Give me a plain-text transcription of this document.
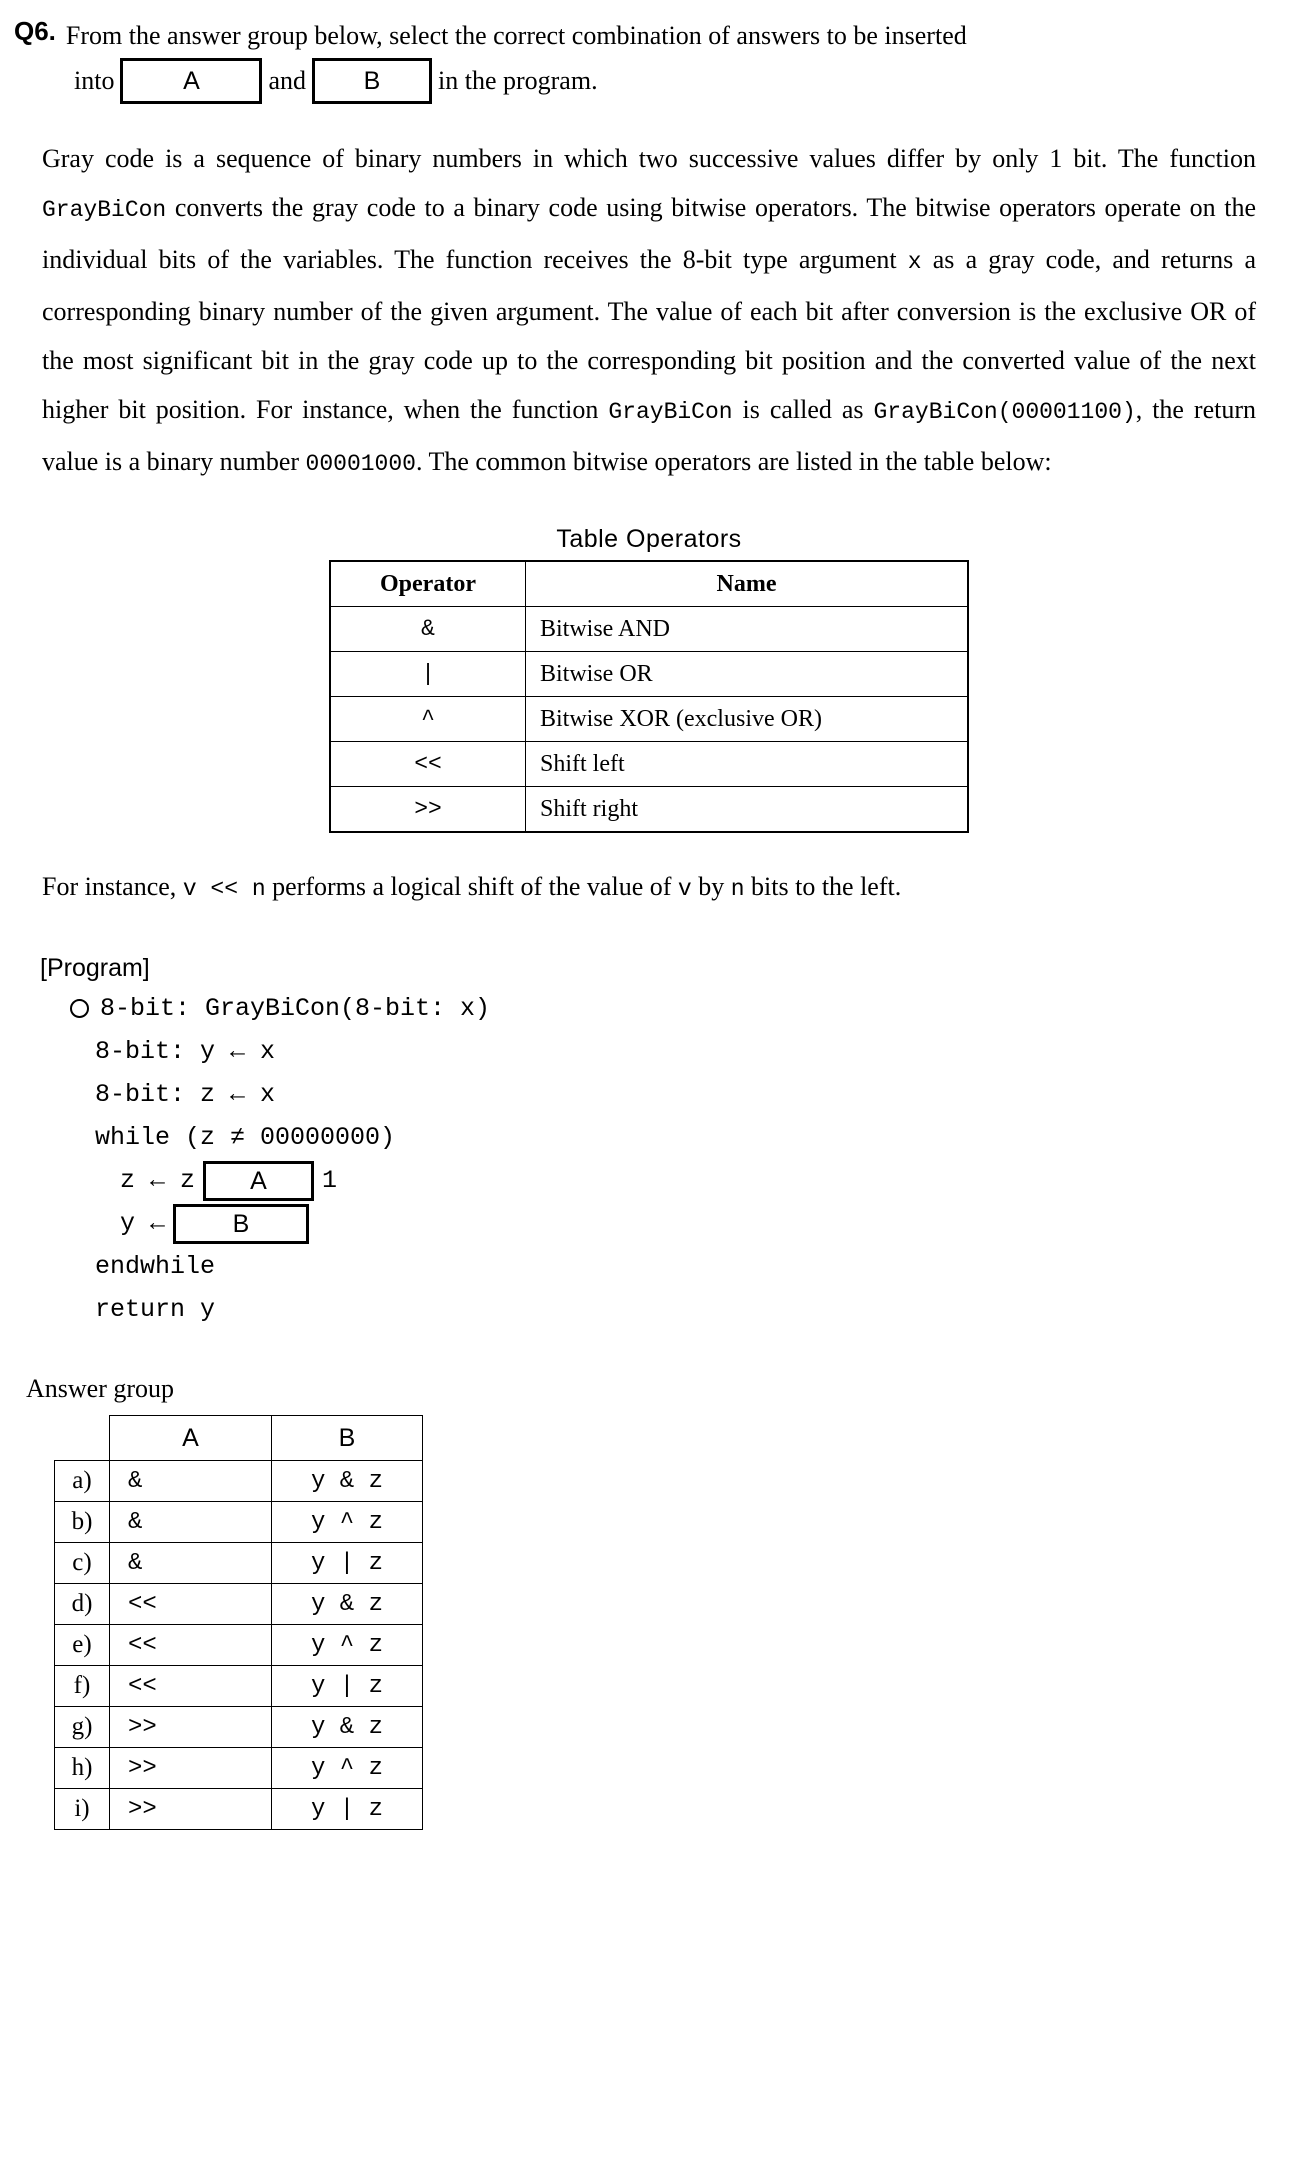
Q6. From the answer group below, select the correct combination of answers to be inserted
into	A	and	B	in the program.
Gray code is a sequence of binary numbers in which two successive values differ by only 1 bit. The function GrayBiCon converts the gray code to a binary code using bitwise operators. The bitwise operators operate on the individual bits of the variables. The function receives the 8-bit type argument x as a gray code, and returns a corresponding binary number of the given argument. The value of each bit after conversion is the exclusive OR of the most significant bit in the gray code up to the corresponding bit position and the converted value of the next higher bit position. For instance, when the function GrayBiCon is called as GrayBiCon(00001100), the return value is a binary number 00001000. The common bitwise operators are listed in the table below:
Table Operators
Operator	Name
&	Bitwise AND
|	Bitwise OR
^	Bitwise XOR (exclusive OR)
<<	Shift left
>>	Shift right
For instance, v << n performs a logical shift of the value of v by n bits to the left.
[Program]
8-bit: GrayBiCon(8-bit: x)
8-bit: y ← x
8-bit: z ← x
while (z ≠ 00000000)
z ← z	A	1
y ←	B
endwhile
return y
Answer group
	A	B
a)	&	y & z
b)	&	y ^ z
c)	&	y | z
d)	<<	y & z
e)	<<	y ^ z
f)	<<	y | z
g)	>>	y & z
h)	>>	y ^ z
i)	>>	y | z
